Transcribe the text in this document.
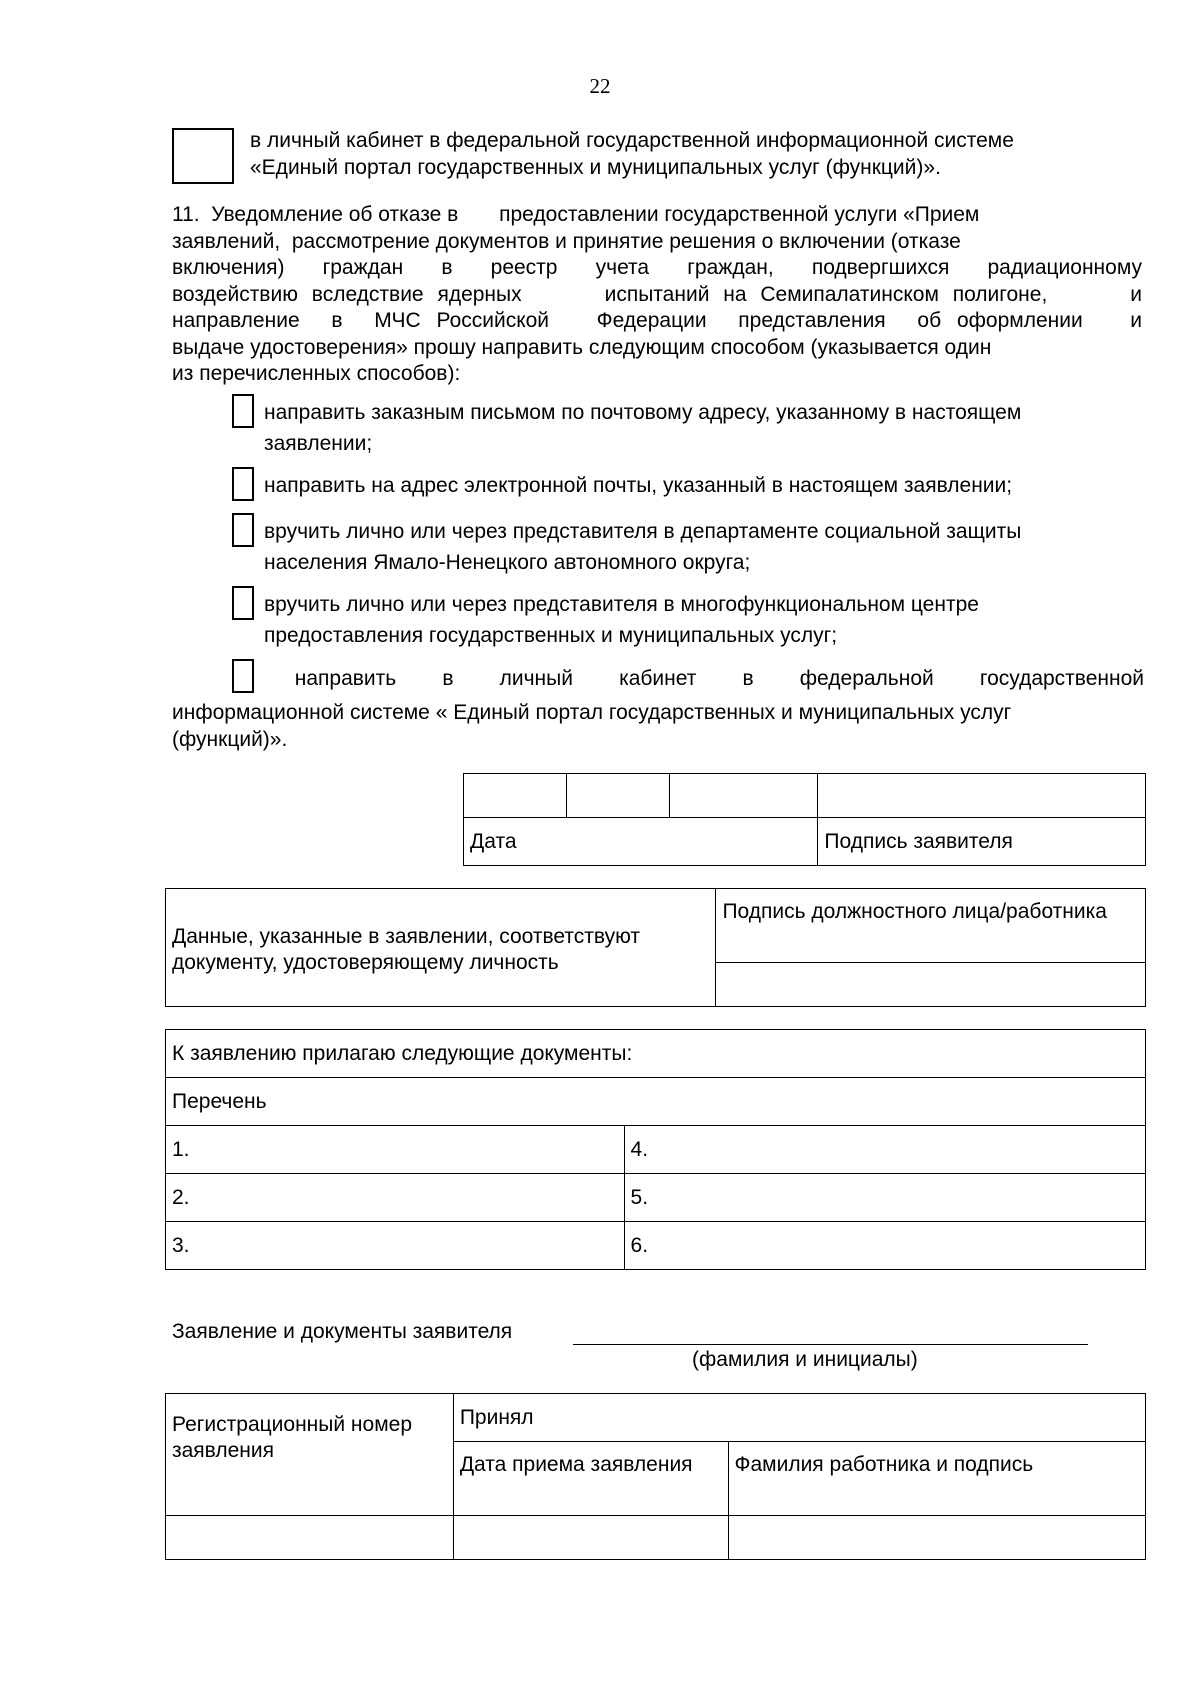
22
в личный кабинет в федеральной государственной информационной системе
«Единый портал государственных и муниципальных услуг (функций)».
11.  Уведомление об отказе в       предоставлении государственной услуги «Прием
заявлений,  рассмотрение документов и принятие решения о включении (отказе
включения)  граждан  в  реестр  учета  граждан,  подвергшихся  радиационному
воздействию вследствие ядерных      испытаний на Семипалатинском полигоне,      и
направление  в  МЧС Российской   Федерации  представления  об оформлении   и
выдаче удостоверения» прошу направить следующим способом (указывается один
из перечисленных способов):
направить заказным письмом по почтовому адресу, указанному в настоящем
заявлении;
направить на адрес электронной почты, указанный в настоящем заявлении;
вручить лично или через представителя в департаменте социальной защиты
населения Ямало-Ненецкого автономного округа;
вручить лично или через представителя в многофункциональном центре
предоставления государственных и муниципальных услуг;
направить   в   личный   кабинет   в   федеральной   государственной
информационной системе « Единый портал государственных и муниципальных услуг
(функций)».

Дата			Подпись заявителя
Данные, указанные в заявлении, соответствуют документу, удостоверяющему личность	Подпись должностного лица/работника

К заявлению прилагаю следующие документы:	
Перечень	
1.	4.
2.	5.
3.	6.
Заявление и документы заявителя
(фамилия и инициалы)
Регистрационный номер заявления	Принял	
	Дата приема заявления	Фамилия работника и подпись
